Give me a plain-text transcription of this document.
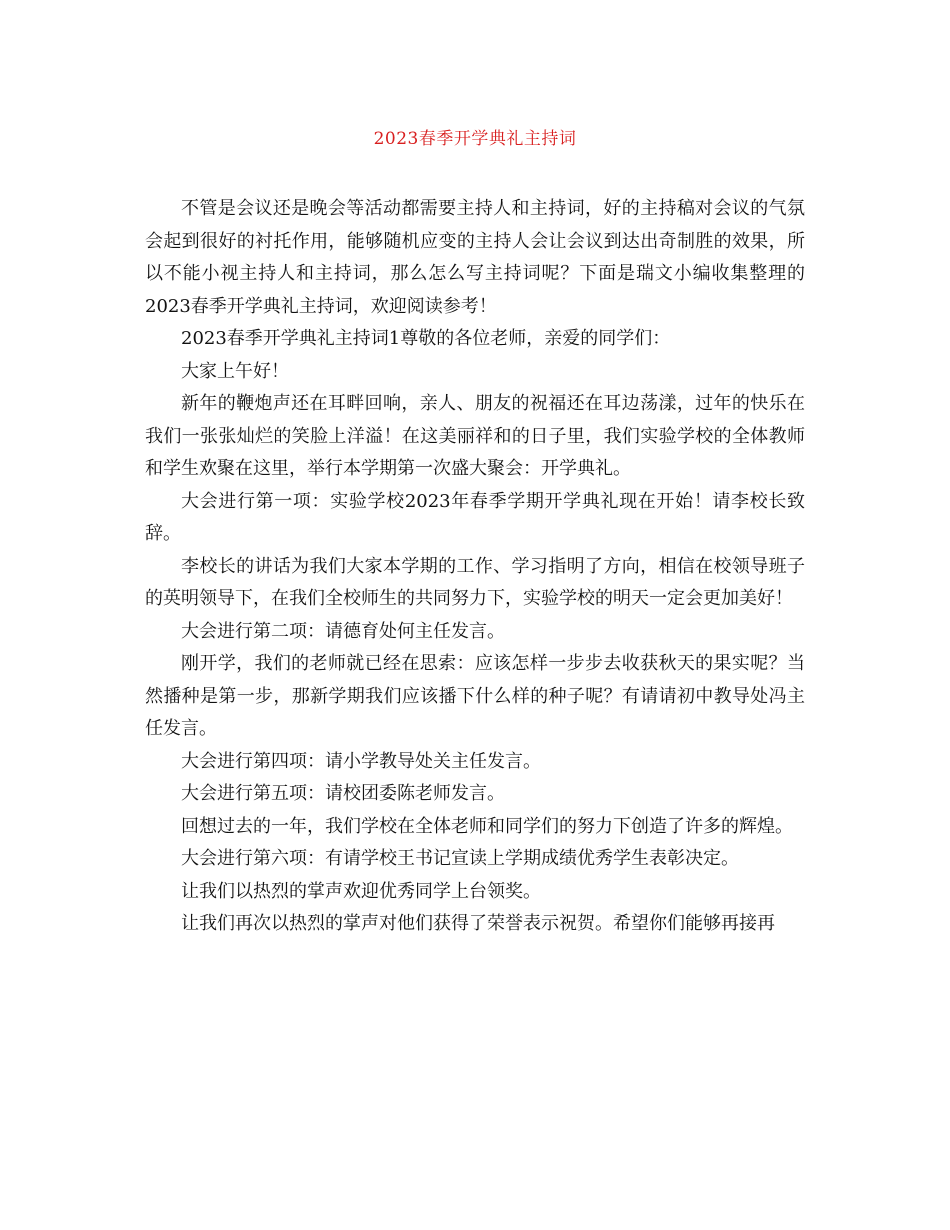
2023春季开学典礼主持词

不管是会议还是晚会等活动都需要主持人和主持词，好的主持稿对会议的气氛会起到很好的衬托作用，能够随机应变的主持人会让会议到达出奇制胜的效果，所以不能小视主持人和主持词，那么怎么写主持词呢？下面是瑞文小编收集整理的2023春季开学典礼主持词，欢迎阅读参考！

2023春季开学典礼主持词1尊敬的各位老师，亲爱的同学们：

大家上午好！

新年的鞭炮声还在耳畔回响，亲人、朋友的祝福还在耳边荡漾，过年的快乐在我们一张张灿烂的笑脸上洋溢！在这美丽祥和的日子里，我们实验学校的全体教师和学生欢聚在这里，举行本学期第一次盛大聚会：开学典礼。

大会进行第一项：实验学校2023年春季学期开学典礼现在开始！请李校长致辞。

李校长的讲话为我们大家本学期的工作、学习指明了方向，相信在校领导班子的英明领导下，在我们全校师生的共同努力下，实验学校的明天一定会更加美好！

大会进行第二项：请德育处何主任发言。

刚开学，我们的老师就已经在思索：应该怎样一步步去收获秋天的果实呢？当然播种是第一步，那新学期我们应该播下什么样的种子呢？有请请初中教导处冯主任发言。

大会进行第四项：请小学教导处关主任发言。

大会进行第五项：请校团委陈老师发言。

回想过去的一年，我们学校在全体老师和同学们的努力下创造了许多的辉煌。

大会进行第六项：有请学校王书记宣读上学期成绩优秀学生表彰决定。

让我们以热烈的掌声欢迎优秀同学上台领奖。

让我们再次以热烈的掌声对他们获得了荣誉表示祝贺。希望你们能够再接再
